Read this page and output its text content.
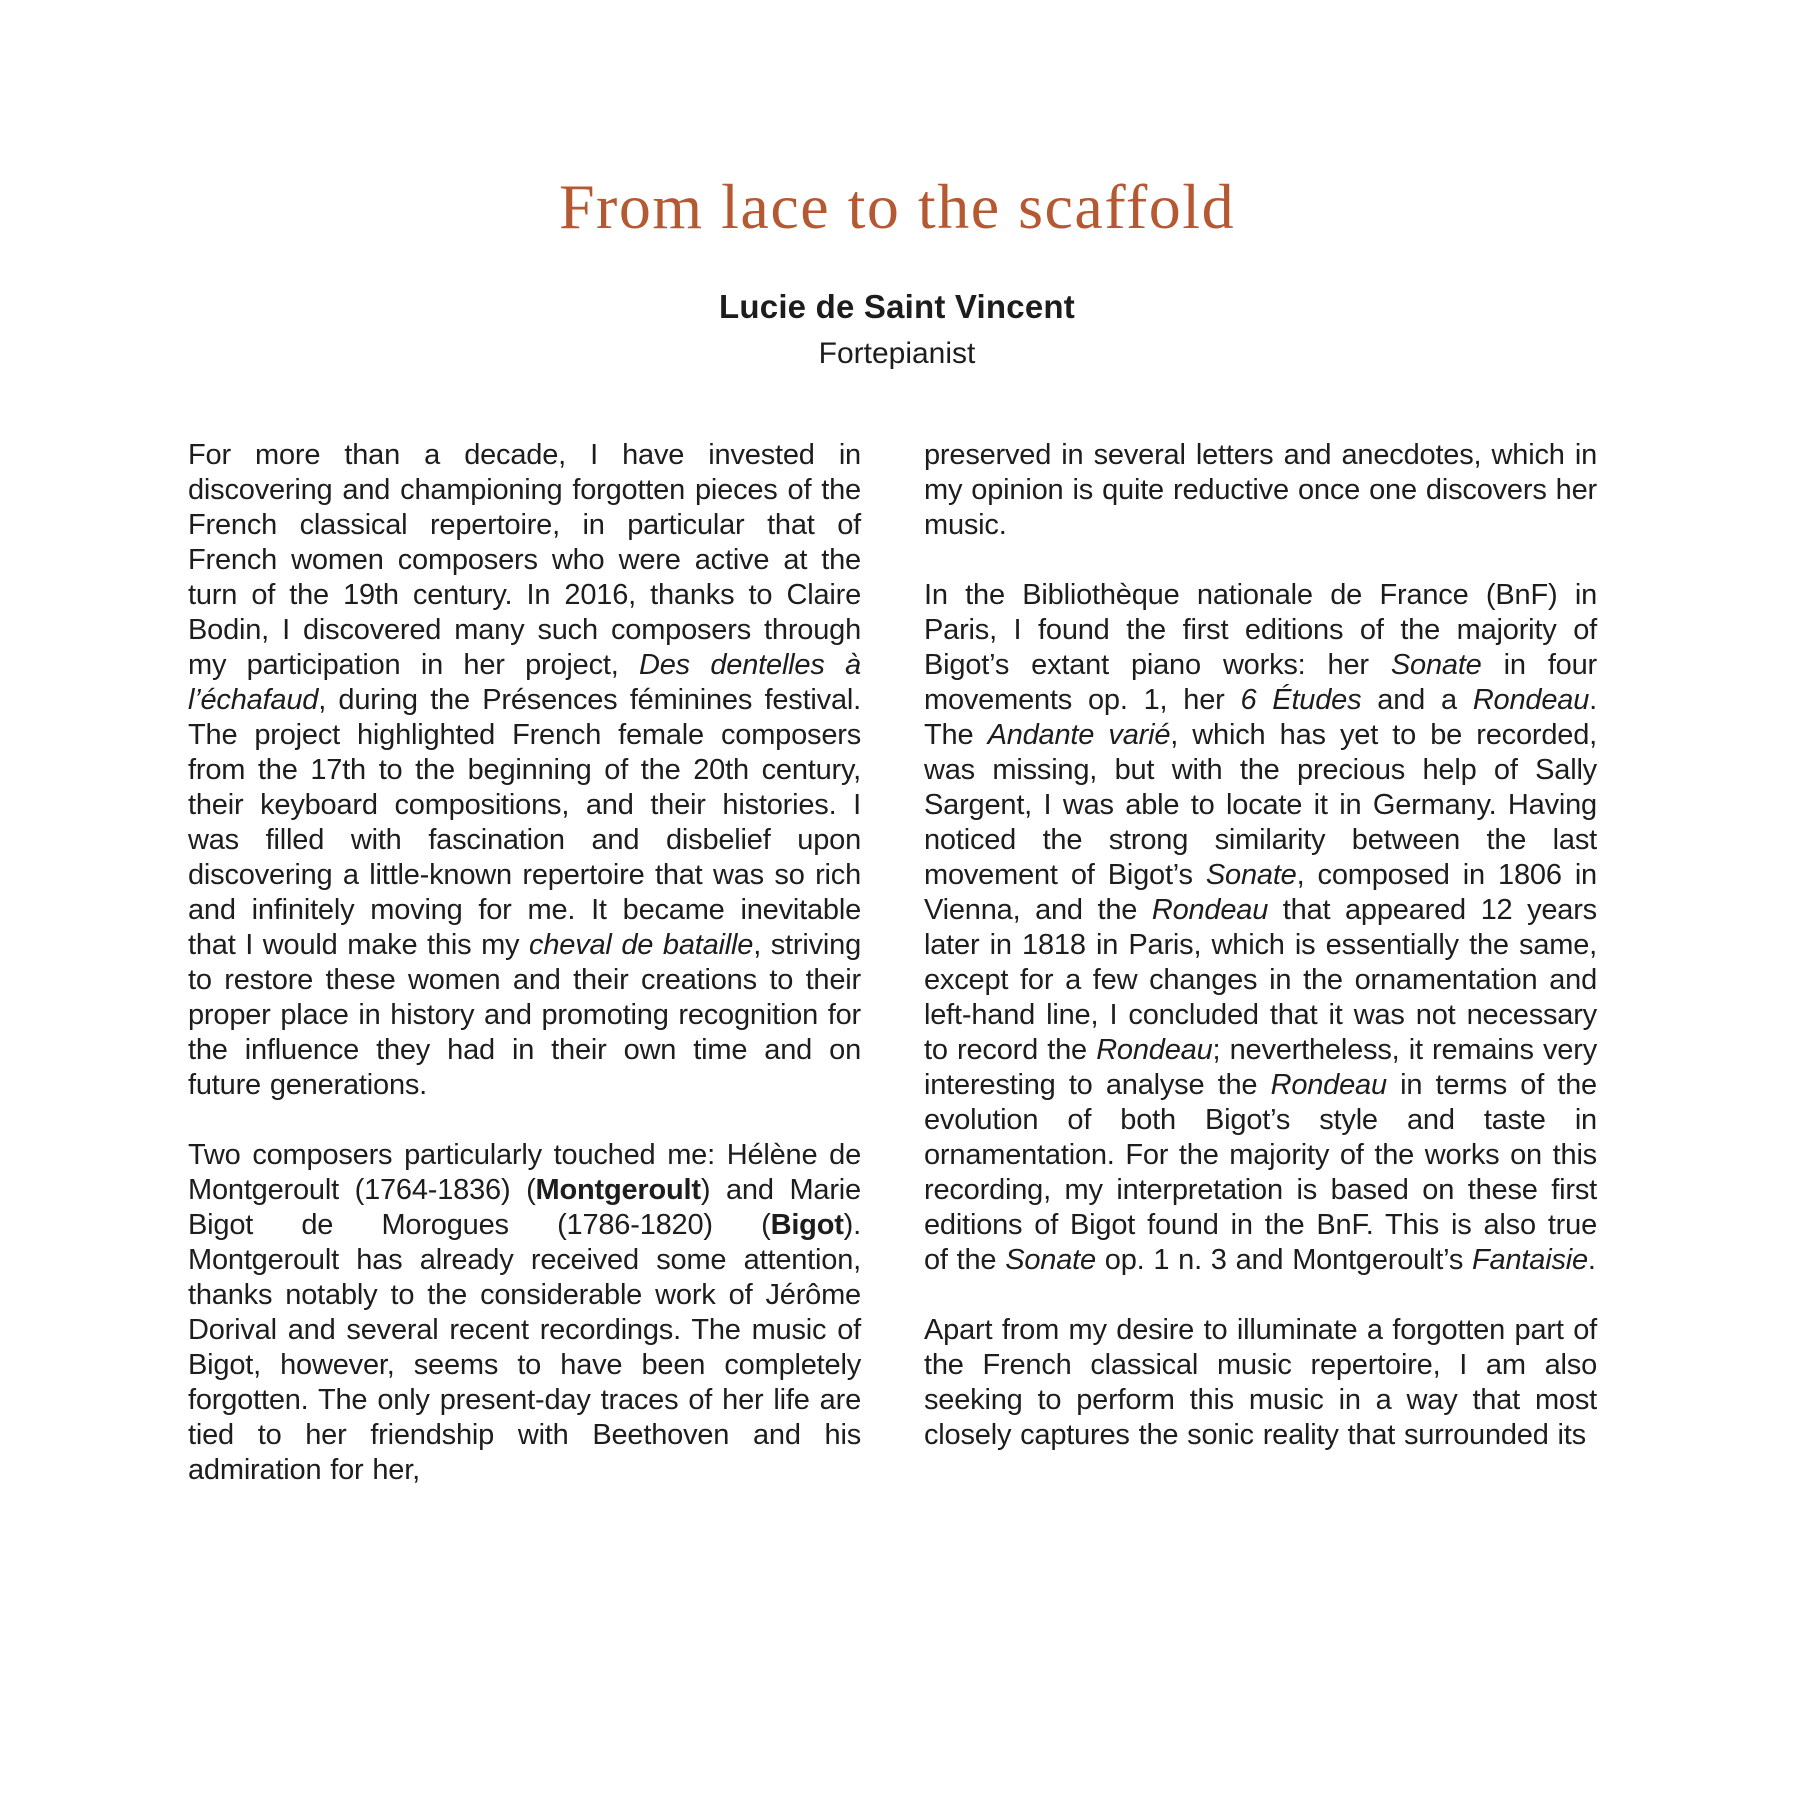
From lace to the scaffold
Lucie de Saint Vincent
Fortepianist

For more than a decade, I have invested in discovering and championing forgotten pieces of the French classical repertoire, in particular that of French women composers who were active at the turn of the 19th century. In 2016, thanks to Claire Bodin, I discovered many such composers through my participation in her project, Des dentelles à l’échafaud, during the Présences féminines festival. The project highlighted French female composers from the 17th to the beginning of the 20th century, their keyboard compositions, and their histories. I was filled with fascination and disbelief upon discovering a little-known repertoire that was so rich and infinitely moving for me. It became inevitable that I would make this my cheval de bataille, striving to restore these women and their creations to their proper place in history and promoting recognition for the influence they had in their own time and on future generations.

Two composers particularly touched me: Hélène de Montgeroult (1764-1836) (Montgeroult) and Marie Bigot de Morogues (1786-1820) (Bigot). Montgeroult has already received some attention, thanks notably to the considerable work of Jérôme Dorival and several recent recordings. The music of Bigot, however, seems to have been completely forgotten. The only present-day traces of her life are tied to her friendship with Beethoven and his admiration for her,

preserved in several letters and anecdotes, which in my opinion is quite reductive once one discovers her music.

In the Bibliothèque nationale de France (BnF) in Paris, I found the first editions of the majority of Bigot’s extant piano works: her Sonate in four movements op. 1, her 6 Études and a Rondeau. The Andante varié, which has yet to be recorded, was missing, but with the precious help of Sally Sargent, I was able to locate it in Germany. Having noticed the strong similarity between the last movement of Bigot’s Sonate, composed in 1806 in Vienna, and the Rondeau that appeared 12 years later in 1818 in Paris, which is essentially the same, except for a few changes in the ornamentation and left-hand line, I concluded that it was not necessary to record the Rondeau; nevertheless, it remains very interesting to analyse the Rondeau in terms of the evolution of both Bigot’s style and taste in ornamentation. For the majority of the works on this recording, my interpretation is based on these first editions of Bigot found in the BnF. This is also true of the Sonate op. 1 n. 3 and Montgeroult’s Fantaisie.

Apart from my desire to illuminate a forgotten part of the French classical music repertoire, I am also seeking to perform this music in a way that most closely captures the sonic reality that surrounded its
